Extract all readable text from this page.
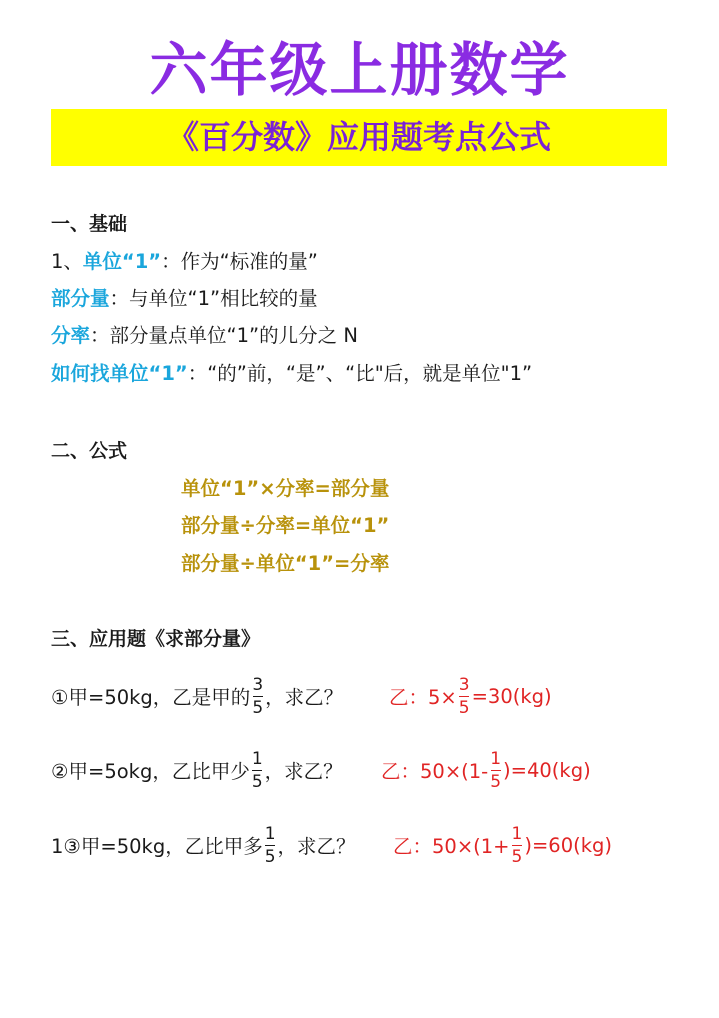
六年级上册数学
《百分数》应用题考点公式
一、基础
1、单位“1”：作为“标准的量”
部分量：与单位“1”相比较的量
分率：部分量点单位“1”的儿分之 N
如何找单位“1”：“的”前，“是”、“比"后，就是单位"1”
二、公式
单位“1”×分率=部分量
部分量÷分率=单位“1”
部分量÷单位“1”=分率
三、应用题《求部分量》
①甲=50kg，乙是甲的 $\frac{3}{5}$ ，求乙？ 乙：$5\times \frac{3}{5} =30(kg)$
②甲=5okg，乙比甲少 $\frac{1}{5}$ ，求乙？ 乙：$50\times(1- \frac{1}{5} )=40(kg)$
1③甲=50kg，乙比甲多 $\frac{1}{5}$ ，求乙？ 乙：$50\times(1+ \frac{1}{5} )=60(kg)$
